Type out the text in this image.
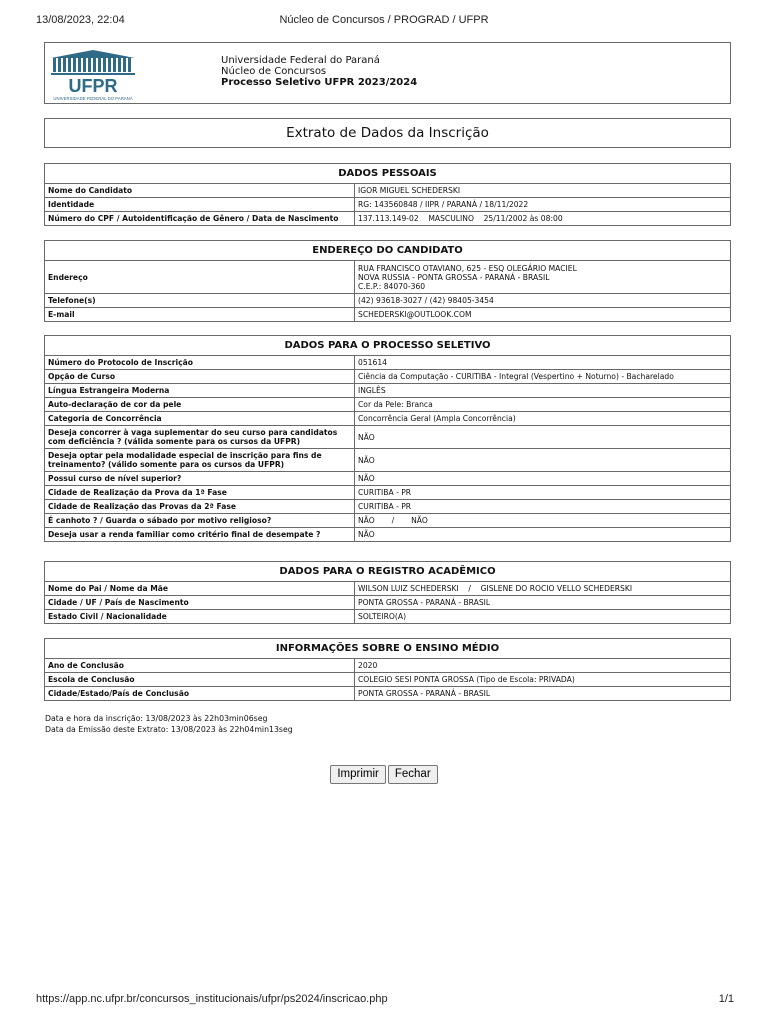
13/08/2023, 22:04	Núcleo de Concursos / PROGRAD / UFPR
UFPR
UNIVERSIDADE FEDERAL DO PARANÁ
Universidade Federal do Paraná
Núcleo de Concursos
Processo Seletivo UFPR 2023/2024
Extrato de Dados da Inscrição
DADOS PESSOAIS	
Nome do Candidato	IGOR MIGUEL SCHEDERSKI
Identidade	RG: 143560848 / IIPR / PARANÁ / 18/11/2022
Número do CPF / Autoidentificação de Gênero / Data de Nascimento	137.113.149-02    MASCULINO    25/11/2002 às 08:00
ENDEREÇO DO CANDIDATO	
Endereço	RUA FRANCISCO OTAVIANO, 625 - ESQ OLEGÁRIO MACIEL
NOVA RUSSIA - PONTA GROSSA - PARANÁ - BRASIL
C.E.P.: 84070-360

Telefone(s)	(42) 93618-3027 / (42) 98405-3454
E-mail	SCHEDERSKI@OUTLOOK.COM
DADOS PARA O PROCESSO SELETIVO	
Número do Protocolo de Inscrição	051614
Opção de Curso	Ciência da Computação - CURITIBA - Integral (Vespertino + Noturno) - Bacharelado
Língua Estrangeira Moderna	INGLÊS
Auto-declaração de cor da pele	Cor da Pele: Branca
Categoria de Concorrência	Concorrência Geral (Ampla Concorrência)
Deseja concorrer à vaga suplementar do seu curso para candidatos com deficiência ? (válida somente para os cursos da UFPR)	NÃO
Deseja optar pela modalidade especial de inscrição para fins de treinamento? (válido somente para os cursos da UFPR)	NÃO
Possui curso de nível superior?	NÃO
Cidade de Realização da Prova da 1ª Fase	CURITIBA - PR
Cidade de Realização das Provas da 2ª Fase	CURITIBA - PR
É canhoto ? / Guarda o sábado por motivo religioso?	NÃO       /       NÃO
Deseja usar a renda familiar como critério final de desempate ?	NÃO
DADOS PARA O REGISTRO ACADÊMICO	
Nome do Pai / Nome da Mãe	WILSON LUIZ SCHEDERSKI    /    GISLENE DO ROCIO VELLO SCHEDERSKI
Cidade / UF / País de Nascimento	PONTA GROSSA - PARANÁ - BRASIL
Estado Civil / Nacionalidade	SOLTEIRO(A)
INFORMAÇÕES SOBRE O ENSINO MÉDIO	
Ano de Conclusão	2020
Escola de Conclusão	COLEGIO SESI PONTA GROSSA (Tipo de Escola: PRIVADA)
Cidade/Estado/País de Conclusão	PONTA GROSSA - PARANÁ - BRASIL
Data e hora da inscrição: 13/08/2023 às 22h03min06seg
Data da Emissão deste Extrato: 13/08/2023 às 22h04min13seg
Imprimir Fechar
https://app.nc.ufpr.br/concursos_institucionais/ufpr/ps2024/inscricao.php	1/1
